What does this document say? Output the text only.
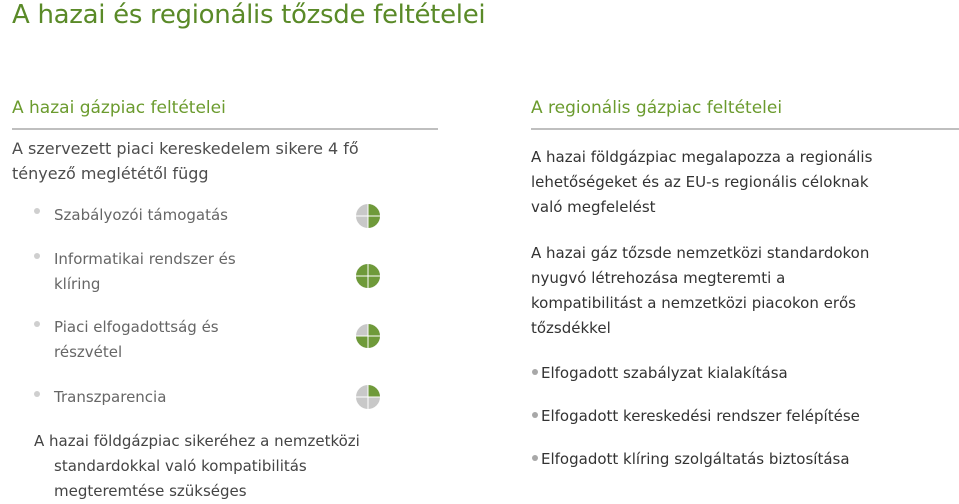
A hazai és regionális tőzsde feltételei
A hazai gázpiac feltételei
A szervezett piaci kereskedelem sikere 4 fő
tényező meglététől függ
Szabályozói támogatás
Informatikai rendszer és
klíring
Piaci elfogadottság és
részvétel
Transzparencia
A hazai földgázpiac sikeréhez a nemzetközi
standardokkal való kompatibilitás
megteremtése szükséges
A regionális gázpiac feltételei
A hazai földgázpiac megalapozza a regionális
lehetőségeket és az EU-s regionális céloknak
való megfelelést
A hazai gáz tőzsde nemzetközi standardokon
nyugvó létrehozása megteremti a
kompatibilitást a nemzetközi piacokon erős
tőzsdékkel
Elfogadott szabályzat kialakítása
Elfogadott kereskedési rendszer felépítése
Elfogadott klíring szolgáltatás biztosítása
